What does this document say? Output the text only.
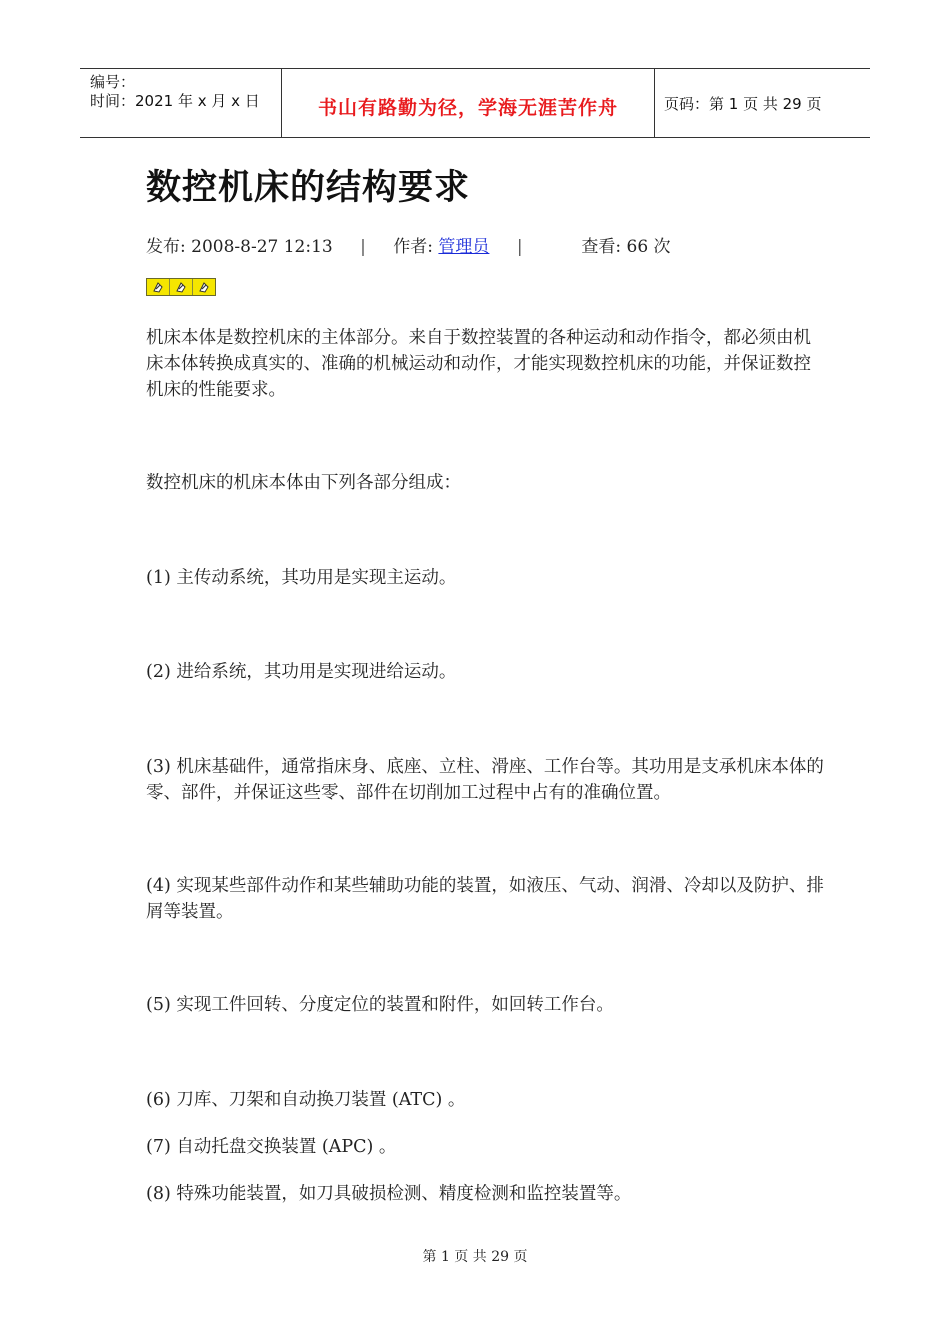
编号：
时间：2021 年 x 月 x 日	书山有路勤为径，学海无涯苦作舟	页码：第 1 页 共 29 页
数控机床的结构要求
发布: 2008-8-27 12:13 | 作者: 管理员 |	查看: 66 次

机床本体是数控机床的主体部分。来自于数控装置的各种运动和动作指令，都必须由机床本体转换成真实的、准确的机械运动和动作，才能实现数控机床的功能，并保证数控机床的性能要求。

数控机床的机床本体由下列各部分组成：

(1) 主传动系统，其功用是实现主运动。

(2) 进给系统，其功用是实现进给运动。

(3) 机床基础件，通常指床身、底座、立柱、滑座、工作台等。其功用是支承机床本体的零、部件，并保证这些零、部件在切削加工过程中占有的准确位置。

(4) 实现某些部件动作和某些辅助功能的装置，如液压、气动、润滑、冷却以及防护、排屑等装置。

(5) 实现工件回转、分度定位的装置和附件，如回转工作台。

(6) 刀库、刀架和自动换刀装置 (ATC) 。

(7) 自动托盘交换装置 (APC) 。

(8) 特殊功能装置，如刀具破损检测、精度检测和监控装置等。

第 1 页 共 29 页
